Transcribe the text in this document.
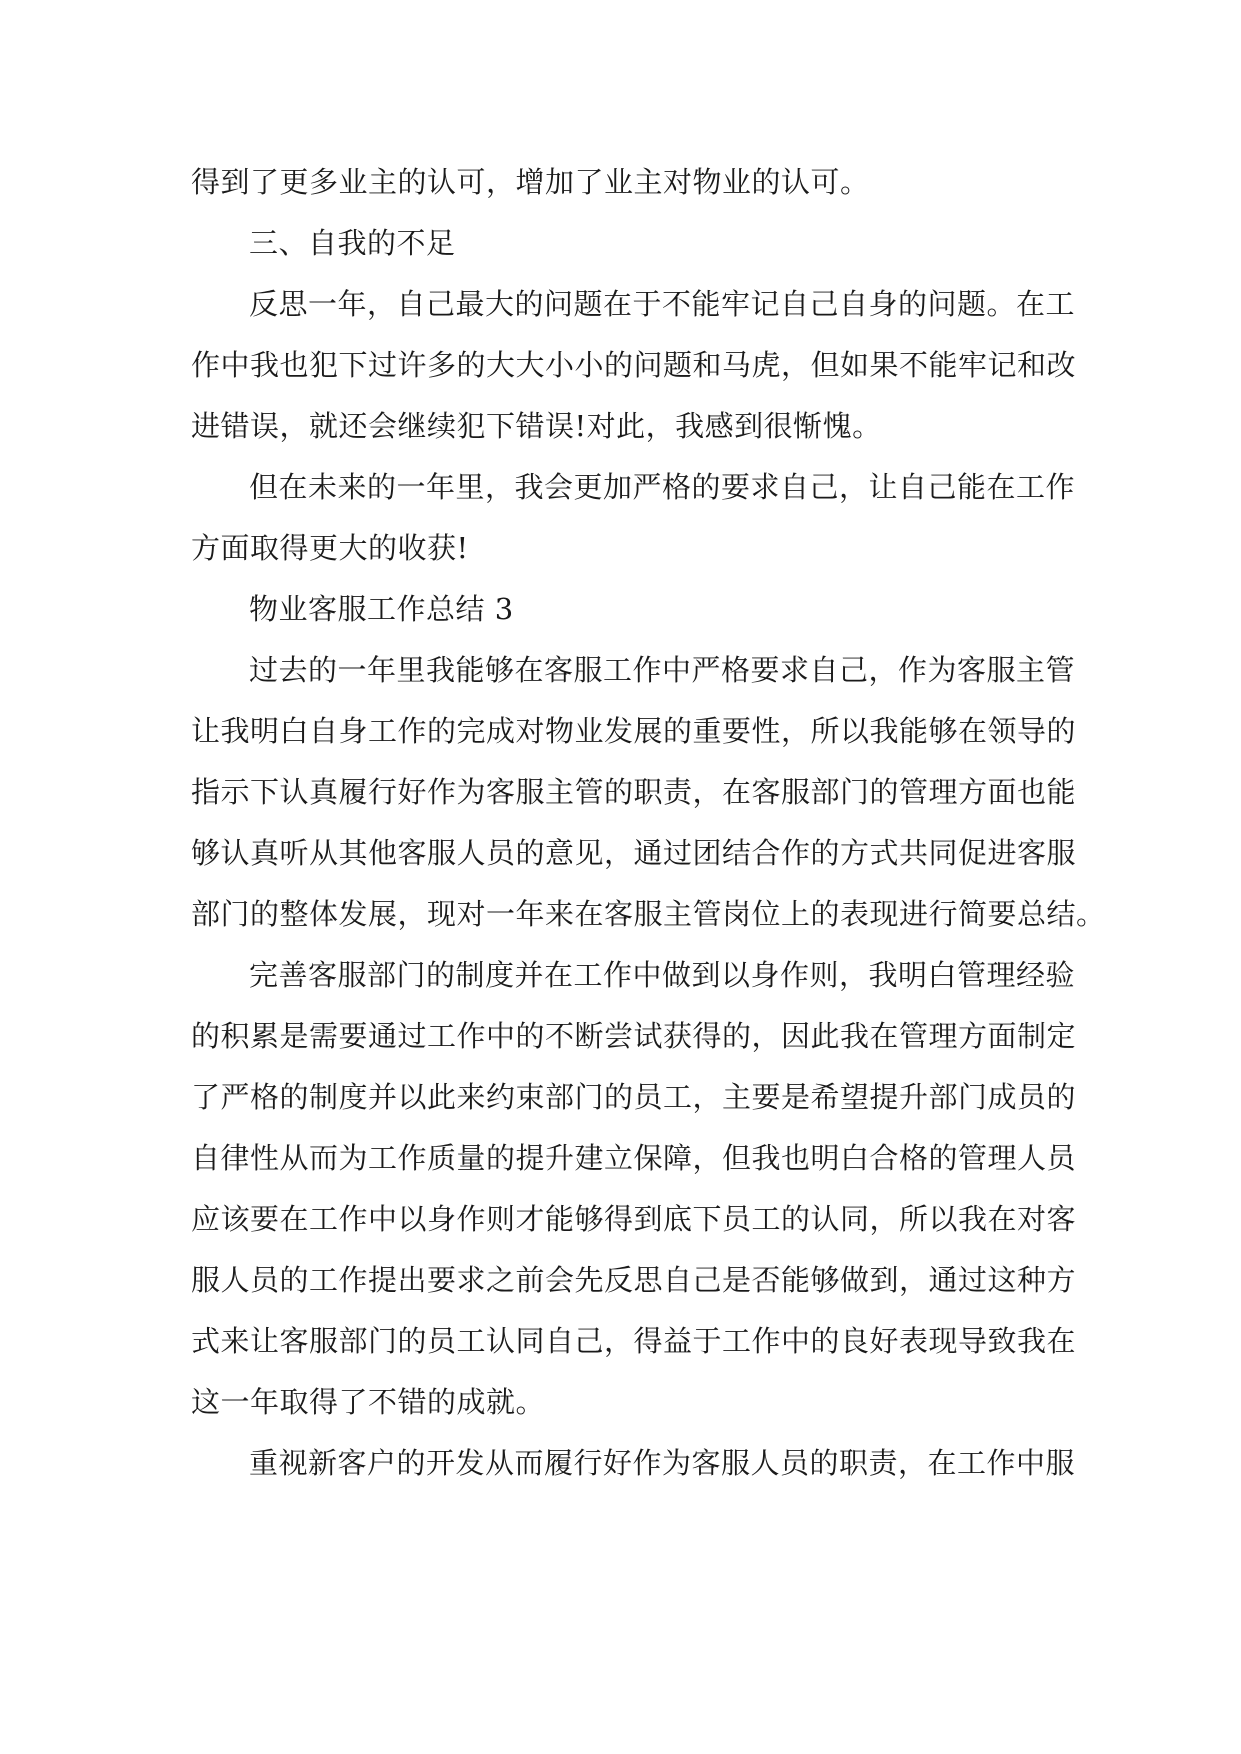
得到了更多业主的认可，增加了业主对物业的认可。
三、自我的不足
反思一年，自己最大的问题在于不能牢记自己自身的问题。在工
作中我也犯下过许多的大大小小的问题和马虎，但如果不能牢记和改
进错误，就还会继续犯下错误!对此，我感到很惭愧。
但在未来的一年里，我会更加严格的要求自己，让自己能在工作
方面取得更大的收获!
物业客服工作总结 3
过去的一年里我能够在客服工作中严格要求自己，作为客服主管
让我明白自身工作的完成对物业发展的重要性，所以我能够在领导的
指示下认真履行好作为客服主管的职责，在客服部门的管理方面也能
够认真听从其他客服人员的意见，通过团结合作的方式共同促进客服
部门的整体发展，现对一年来在客服主管岗位上的表现进行简要总结。
完善客服部门的制度并在工作中做到以身作则，我明白管理经验
的积累是需要通过工作中的不断尝试获得的，因此我在管理方面制定
了严格的制度并以此来约束部门的员工，主要是希望提升部门成员的
自律性从而为工作质量的提升建立保障，但我也明白合格的管理人员
应该要在工作中以身作则才能够得到底下员工的认同，所以我在对客
服人员的工作提出要求之前会先反思自己是否能够做到，通过这种方
式来让客服部门的员工认同自己，得益于工作中的良好表现导致我在
这一年取得了不错的成就。
重视新客户的开发从而履行好作为客服人员的职责，在工作中服
